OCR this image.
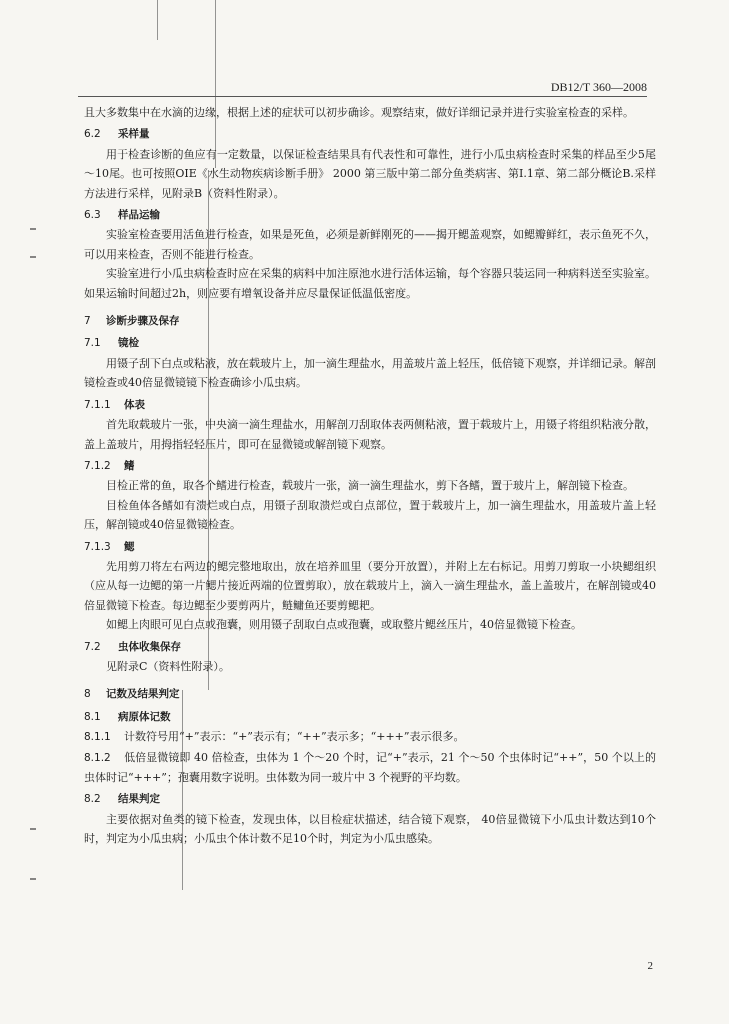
DB12/T 360—2008

且大多数集中在水滴的边缘，根据上述的症状可以初步确诊。观察结束，做好详细记录并进行实验室检查的采样。

6.2 采样量

用于检查诊断的鱼应有一定数量，以保证检查结果具有代表性和可靠性，进行小瓜虫病检查时采集的样品至少5尾～10尾。也可按照OIE《水生动物疾病诊断手册》 2000 第三版中第二部分鱼类病害、第Ⅰ.1章、第二部分概论B.采样方法进行采样，见附录B（资料性附录）。

6.3 样品运输

实验室检查要用活鱼进行检查，如果是死鱼，必须是新鲜刚死的——揭开鳃盖观察，如鳃瓣鲜红，表示鱼死不久，可以用来检查，否则不能进行检查。

实验室进行小瓜虫病检查时应在采集的病料中加注原池水进行活体运输，每个容器只装运同一种病料送至实验室。如果运输时间超过2h，则应要有增氧设备并应尽量保证低温低密度。

7 诊断步骤及保存
7.1 镜检

用镊子刮下白点或粘液，放在载玻片上，加一滴生理盐水，用盖玻片盖上轻压，低倍镜下观察，并详细记录。解剖镜检查或40倍显微镜镜下检查确诊小瓜虫病。

7.1.1 体表

首先取载玻片一张，中央滴一滴生理盐水，用解剖刀刮取体表两侧粘液，置于载玻片上，用镊子将组织粘液分散，盖上盖玻片，用拇指轻轻压片，即可在显微镜或解剖镜下观察。

7.1.2 鳍

目检正常的鱼，取各个鳍进行检查，载玻片一张，滴一滴生理盐水，剪下各鳍，置于玻片上，解剖镜下检查。

目检鱼体各鳍如有溃烂或白点，用镊子刮取溃烂或白点部位，置于载玻片上，加一滴生理盐水，用盖玻片盖上轻压，解剖镜或40倍显微镜检查。

7.1.3 鳃

先用剪刀将左右两边的鳃完整地取出，放在培养皿里（要分开放置），并附上左右标记。用剪刀剪取一小块鳃组织（应从每一边鳃的第一片鳃片接近两端的位置剪取），放在载玻片上，滴入一滴生理盐水，盖上盖玻片，在解剖镜或40倍显微镜下检查。每边鳃至少要剪两片，鲢鳙鱼还要剪鳃耙。

如鳃上肉眼可见白点或孢囊，则用镊子刮取白点或孢囊，或取整片鳃丝压片，40倍显微镜下检查。

7.2 虫体收集保存

见附录C（资料性附录）。

8 记数及结果判定
8.1 病原体记数

8.1.1 计数符号用“+”表示：“+”表示有；“++”表示多；“+++”表示很多。

8.1.2 低倍显微镜即 40 倍检查，虫体为 1 个～20 个时，记“+”表示，21 个～50 个虫体时记“++”，50 个以上的虫体时记“+++”；孢囊用数字说明。虫体数为同一玻片中 3 个视野的平均数。

8.2 结果判定

主要依据对鱼类的镜下检查，发现虫体，以目检症状描述，结合镜下观察， 40倍显微镜下小瓜虫计数达到10个时，判定为小瓜虫病；小瓜虫个体计数不足10个时，判定为小瓜虫感染。

2
